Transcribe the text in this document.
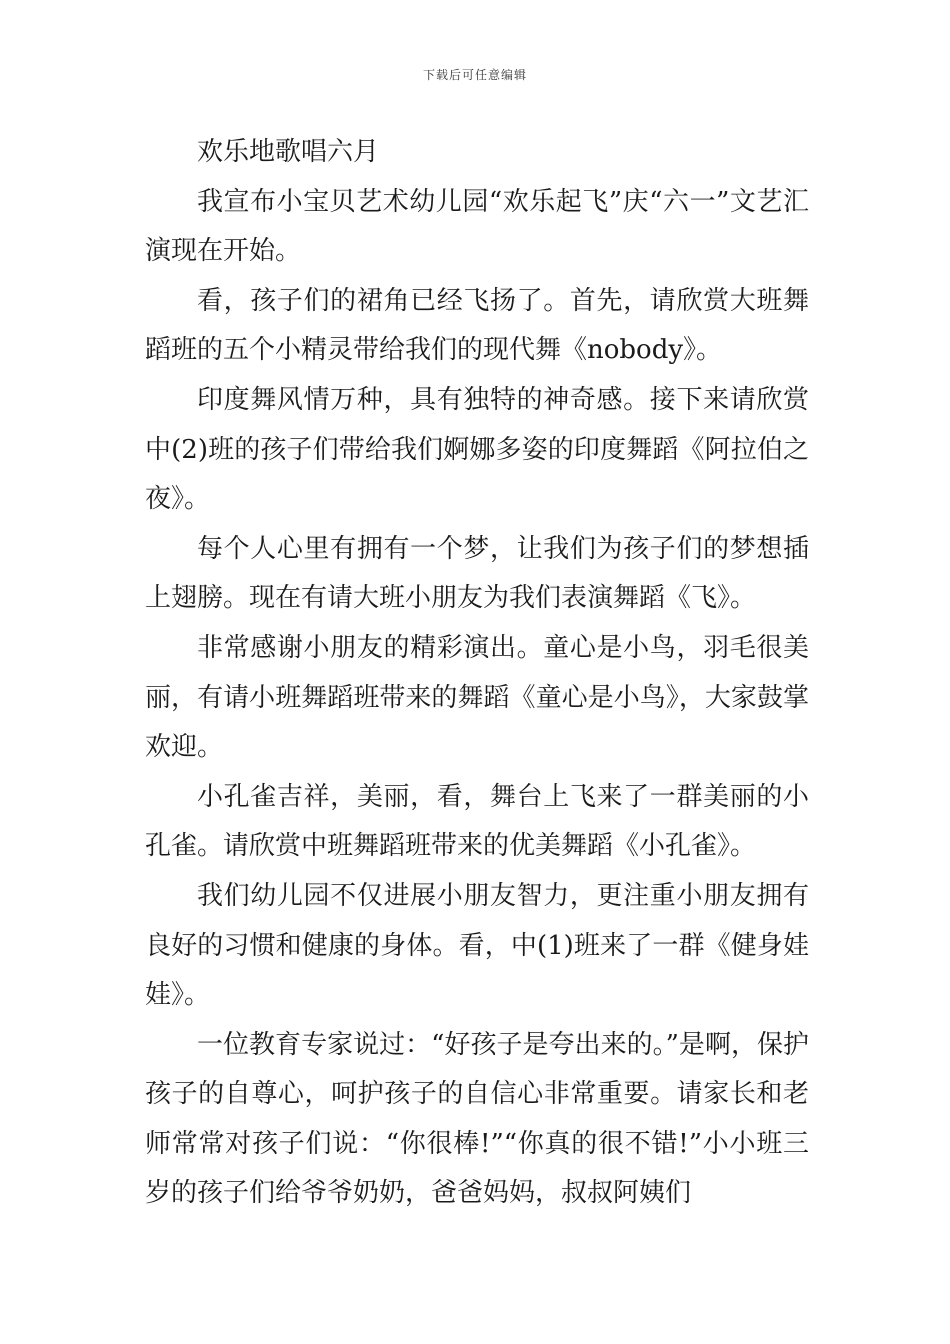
下载后可任意编辑

欢乐地歌唱六月

我宣布小宝贝艺术幼儿园“欢乐起飞”庆“六一”文艺汇演现在开始。

看，孩子们的裙角已经飞扬了。首先，请欣赏大班舞蹈班的五个小精灵带给我们的现代舞《nobody》。

印度舞风情万种，具有独特的神奇感。接下来请欣赏中(2)班的孩子们带给我们婀娜多姿的印度舞蹈《阿拉伯之夜》。

每个人心里有拥有一个梦，让我们为孩子们的梦想插上翅膀。现在有请大班小朋友为我们表演舞蹈《飞》。

非常感谢小朋友的精彩演出。童心是小鸟，羽毛很美丽，有请小班舞蹈班带来的舞蹈《童心是小鸟》，大家鼓掌欢迎。

小孔雀吉祥，美丽，看，舞台上飞来了一群美丽的小孔雀。请欣赏中班舞蹈班带来的优美舞蹈《小孔雀》。

我们幼儿园不仅进展小朋友智力，更注重小朋友拥有良好的习惯和健康的身体。看，中(1)班来了一群《健身娃娃》。

一位教育专家说过：“好孩子是夸出来的。”是啊，保护孩子的自尊心，呵护孩子的自信心非常重要。请家长和老师常常对孩子们说：“你很棒!”“你真的很不错!”小小班三岁的孩子们给爷爷奶奶，爸爸妈妈，叔叔阿姨们
